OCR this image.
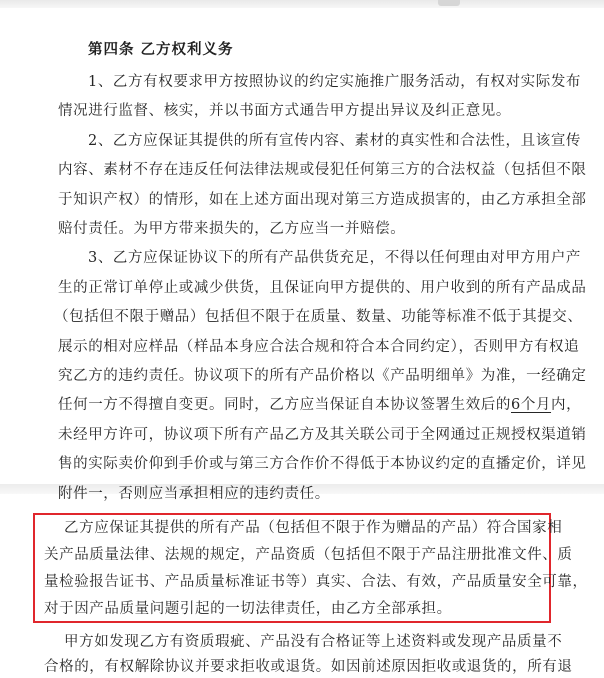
第四条 乙方权利义务
1、乙方有权要求甲方按照协议的约定实施推广服务活动，有权对实际发布
情况进行监督、核实，并以书面方式通告甲方提出异议及纠正意见。
2、乙方应保证其提供的所有宣传内容、素材的真实性和合法性，且该宣传
内容、素材不存在违反任何法律法规或侵犯任何第三方的合法权益（包括但不限
于知识产权）的情形，如在上述方面出现对第三方造成损害的，由乙方承担全部
赔付责任。为甲方带来损失的，乙方应当一并赔偿。
3、乙方应保证协议下的所有产品供货充足，不得以任何理由对甲方用户产
生的正常订单停止或减少供货，且保证向甲方提供的、用户收到的所有产品成品
（包括但不限于赠品）包括但不限于在质量、数量、功能等标准不低于其提交、
展示的相对应样品（样品本身应合法合规和符合本合同约定），否则甲方有权追
究乙方的违约责任。协议项下的所有产品价格以《产品明细单》为准，一经确定
任何一方不得擅自变更。同时，乙方应当保证自本协议签署生效后的6个月内，
乙方应保证其提供的所有产品（包括但不限于作为赠品的产品）符合国家相
关产品质量法律、法规的规定，产品资质（包括但不限于产品注册批准文件、质
量检验报告证书、产品质量标准证书等）真实、合法、有效，产品质量安全可靠，
对于因产品质量问题引起的一切法律责任，由乙方全部承担。
甲方如发现乙方有资质瑕疵、产品没有合格证等上述资料或发现产品质量不
合格的，有权解除协议并要求拒收或退货。如因前述原因拒收或退货的，所有退
未经甲方许可，协议项下所有产品乙方及其关联公司于全网通过正规授权渠道销
售的实际卖价仰到手价或与第三方合作价不得低于本协议约定的直播定价，详见
附件一，否则应当承担相应的违约责任。
